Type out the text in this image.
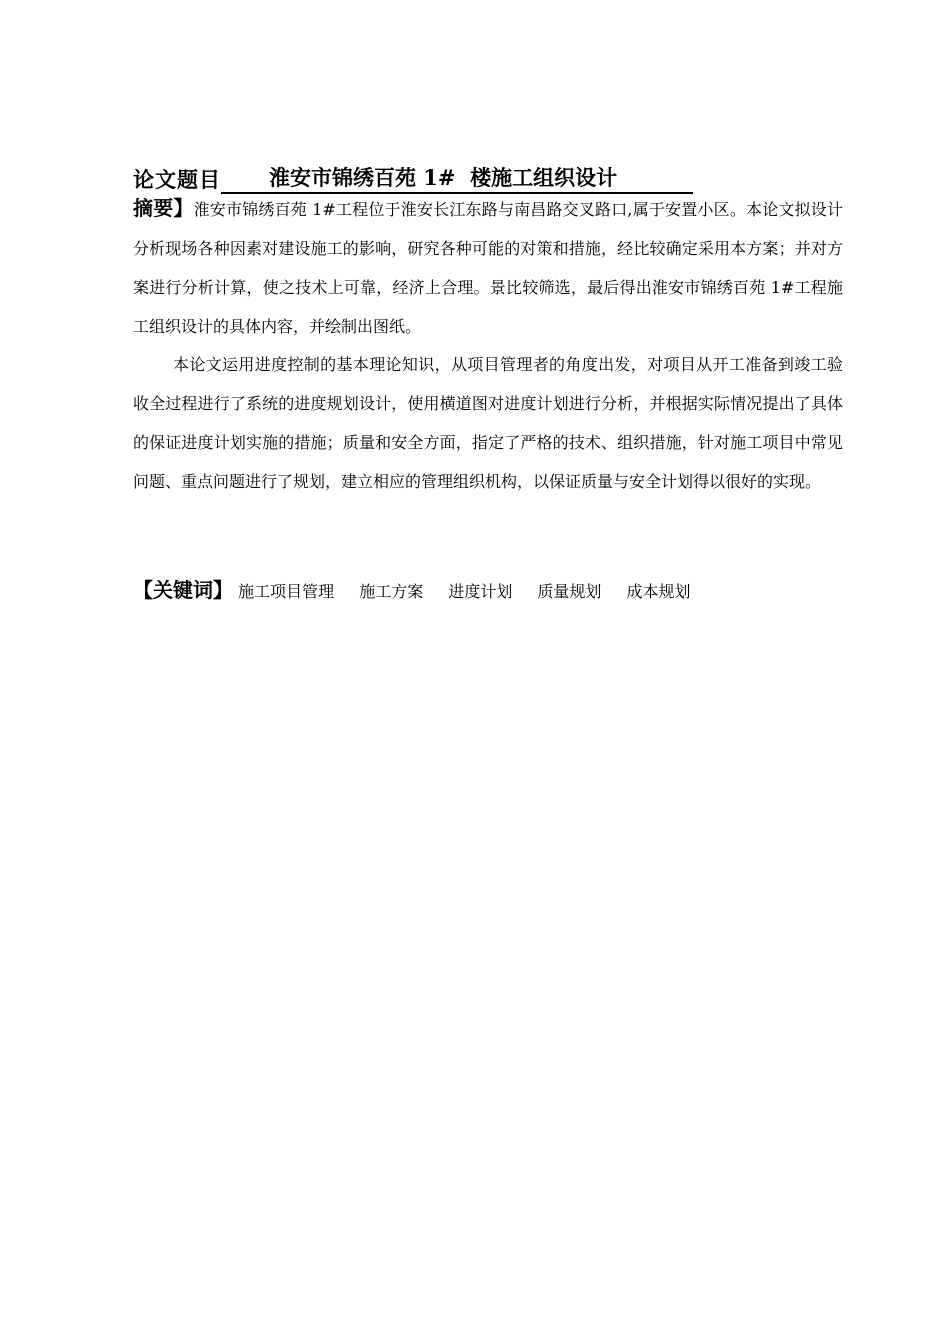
论文题目	淮安市锦绣百苑 1#  楼施工组织设计

摘要】淮安市锦绣百苑 1#工程位于淮安长江东路与南昌路交叉路口,属于安置小区。本论文拟设计分析现场各种因素对建设施工的影响，研究各种可能的对策和措施，经比较确定采用本方案；并对方案进行分析计算，使之技术上可靠，经济上合理。景比较筛选，最后得出淮安市锦绣百苑 1#工程施工组织设计的具体内容，并绘制出图纸。

本论文运用进度控制的基本理论知识，从项目管理者的角度出发，对项目从开工准备到竣工验收全过程进行了系统的进度规划设计，使用横道图对进度计划进行分析，并根据实际情况提出了具体的保证进度计划实施的措施；质量和安全方面，指定了严格的技术、组织措施，针对施工项目中常见问题、重点问题进行了规划，建立相应的管理组织机构，以保证质量与安全计划得以很好的实现。

【关键词】 施工项目管理 施工方案 进度计划 质量规划 成本规划
